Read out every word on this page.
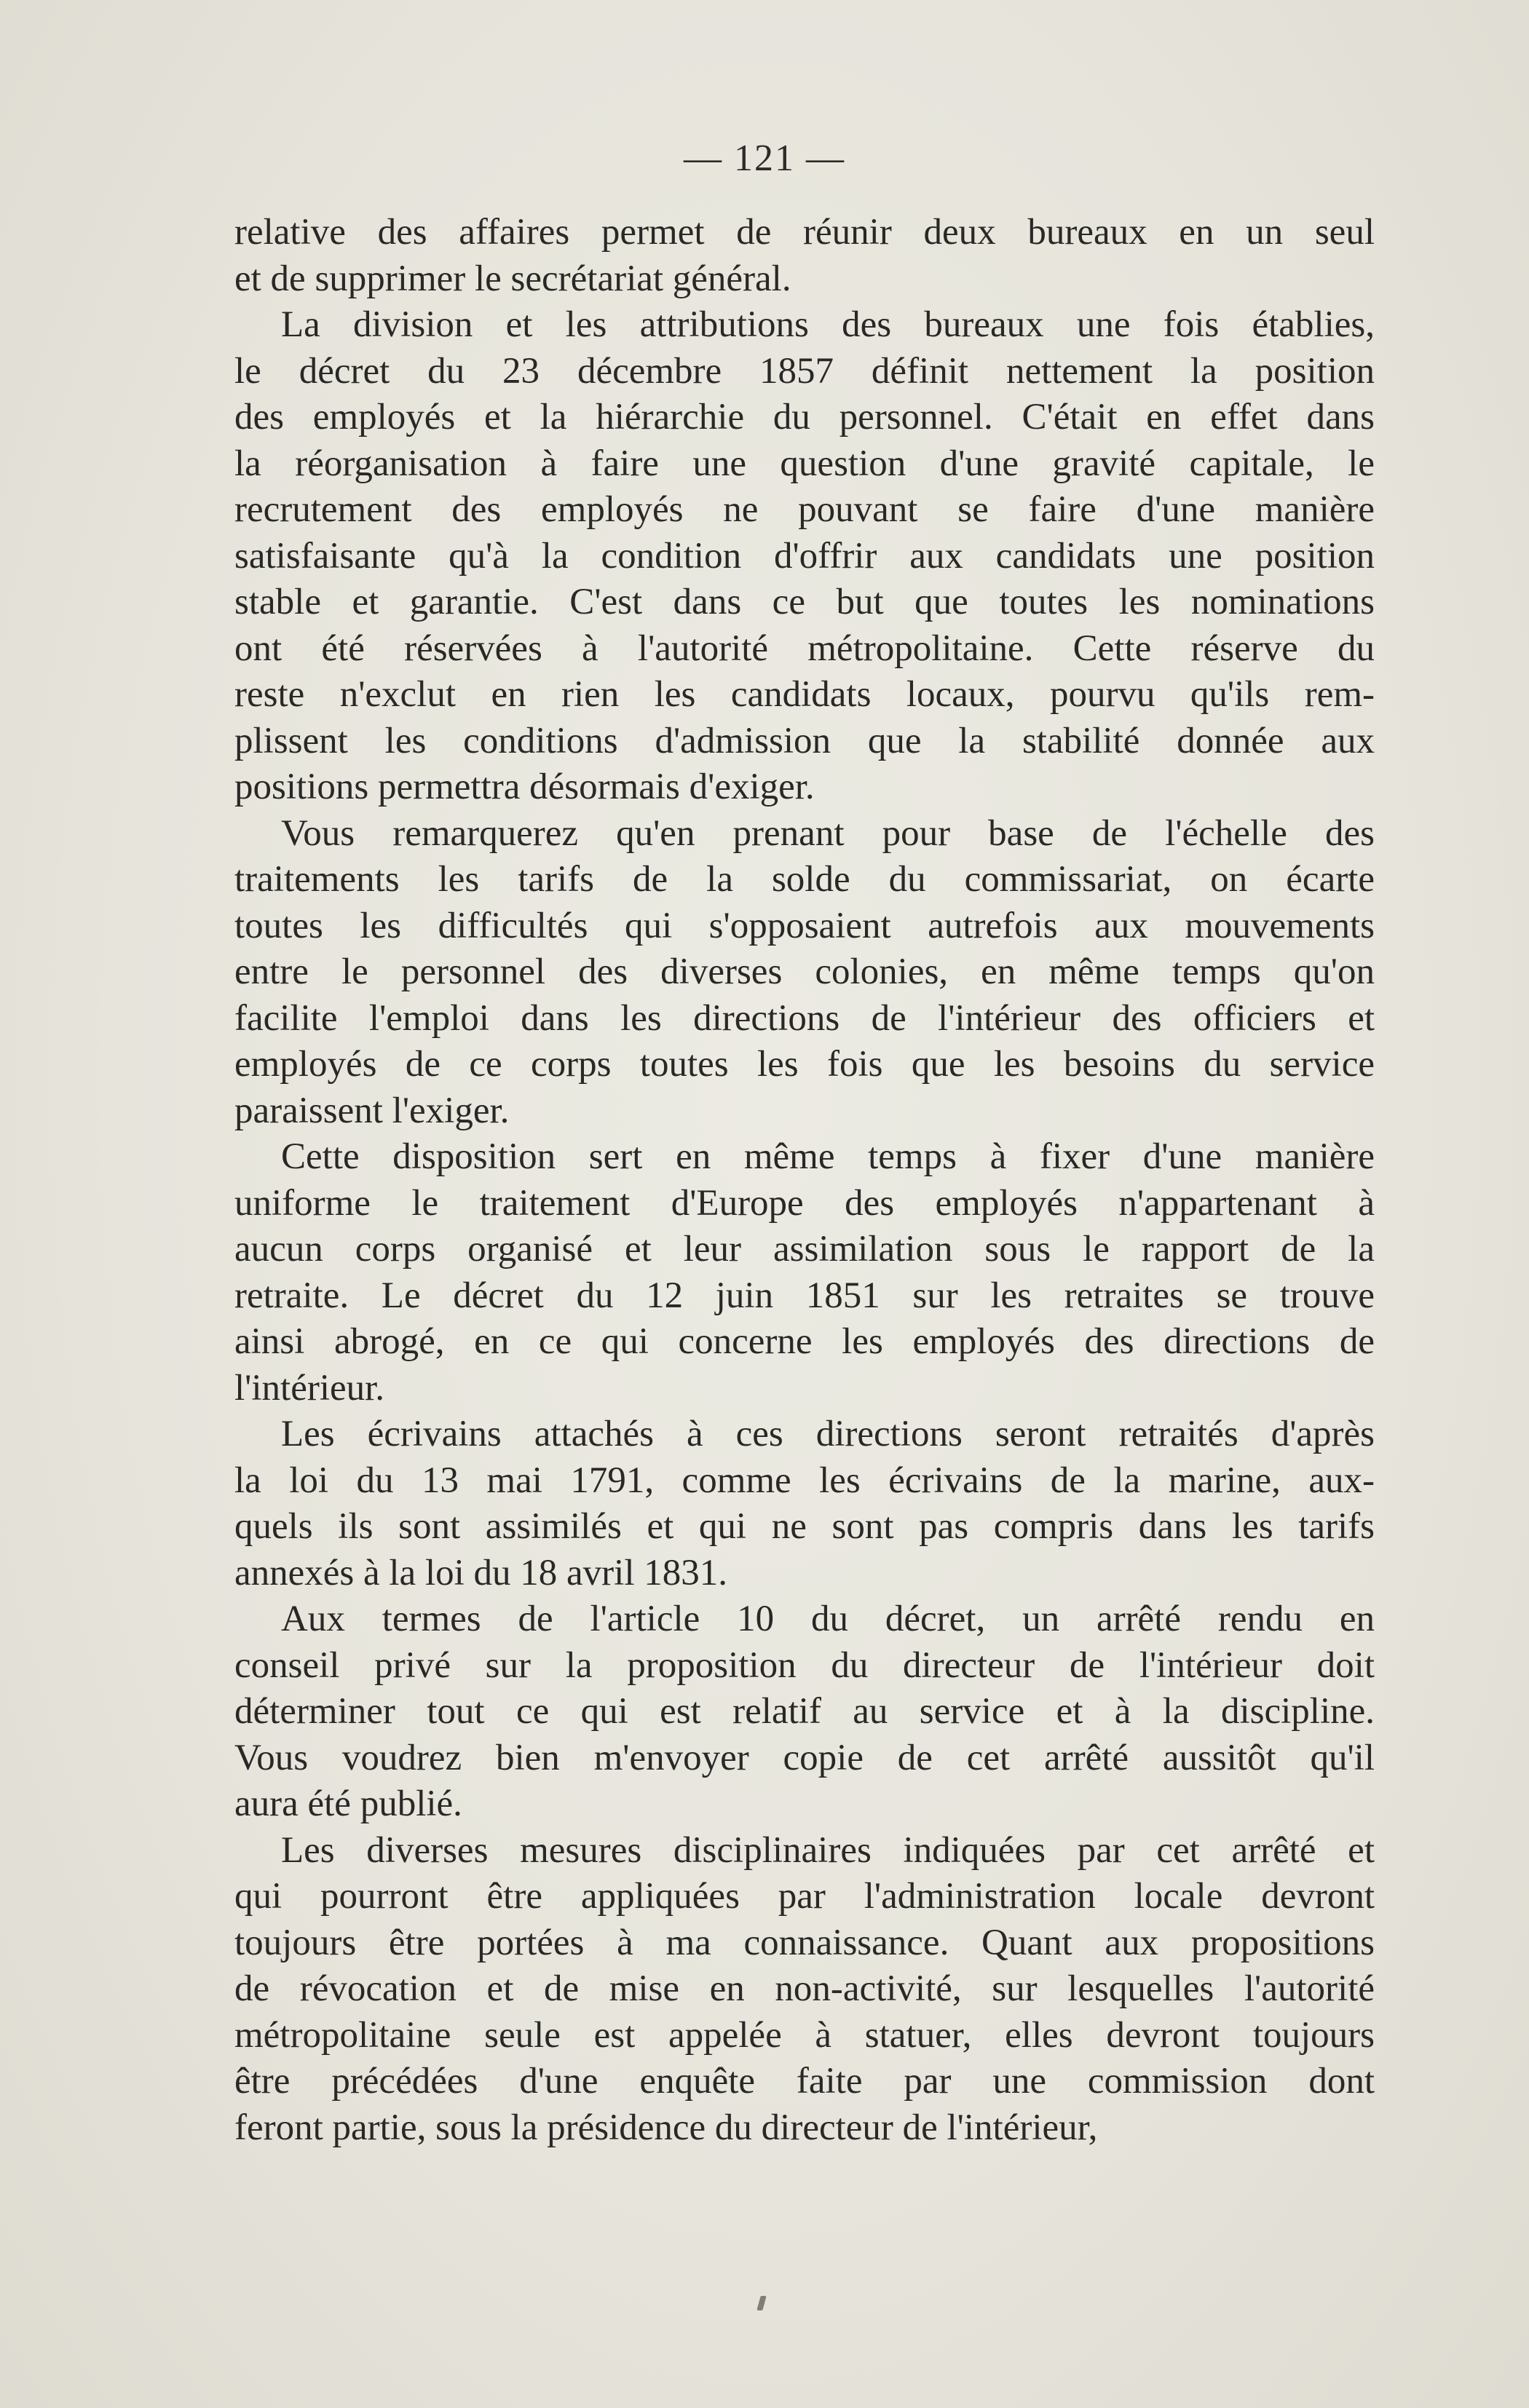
— 121 —
relative des affaires permet de réunir deux bureaux en un seul
et de supprimer le secrétariat général.
La division et les attributions des bureaux une fois établies,
le décret du 23 décembre 1857 définit nettement la position
des employés et la hiérarchie du personnel. C'était en effet dans
la réorganisation à faire une question d'une gravité capitale, le
recrutement des employés ne pouvant se faire d'une manière
satisfaisante qu'à la condition d'offrir aux candidats une position
stable et garantie. C'est dans ce but que toutes les nominations
ont été réservées à l'autorité métropolitaine. Cette réserve du
reste n'exclut en rien les candidats locaux, pourvu qu'ils rem-
plissent les conditions d'admission que la stabilité donnée aux
positions permettra désormais d'exiger.
Vous remarquerez qu'en prenant pour base de l'échelle des
traitements les tarifs de la solde du commissariat, on écarte
toutes les difficultés qui s'opposaient autrefois aux mouvements
entre le personnel des diverses colonies, en même temps qu'on
facilite l'emploi dans les directions de l'intérieur des officiers et
employés de ce corps toutes les fois que les besoins du service
paraissent l'exiger.
Cette disposition sert en même temps à fixer d'une manière
uniforme le traitement d'Europe des employés n'appartenant à
aucun corps organisé et leur assimilation sous le rapport de la
retraite. Le décret du 12 juin 1851 sur les retraites se trouve
ainsi abrogé, en ce qui concerne les employés des directions de
l'intérieur.
Les écrivains attachés à ces directions seront retraités d'après
la loi du 13 mai 1791, comme les écrivains de la marine, aux-
quels ils sont assimilés et qui ne sont pas compris dans les tarifs
annexés à la loi du 18 avril 1831.
Aux termes de l'article 10 du décret, un arrêté rendu en
conseil privé sur la proposition du directeur de l'intérieur doit
déterminer tout ce qui est relatif au service et à la discipline.
Vous voudrez bien m'envoyer copie de cet arrêté aussitôt qu'il
aura été publié.
Les diverses mesures disciplinaires indiquées par cet arrêté et
qui pourront être appliquées par l'administration locale devront
toujours être portées à ma connaissance. Quant aux propositions
de révocation et de mise en non-activité, sur lesquelles l'autorité
métropolitaine seule est appelée à statuer, elles devront toujours
être précédées d'une enquête faite par une commission dont
feront partie, sous la présidence du directeur de l'intérieur,
